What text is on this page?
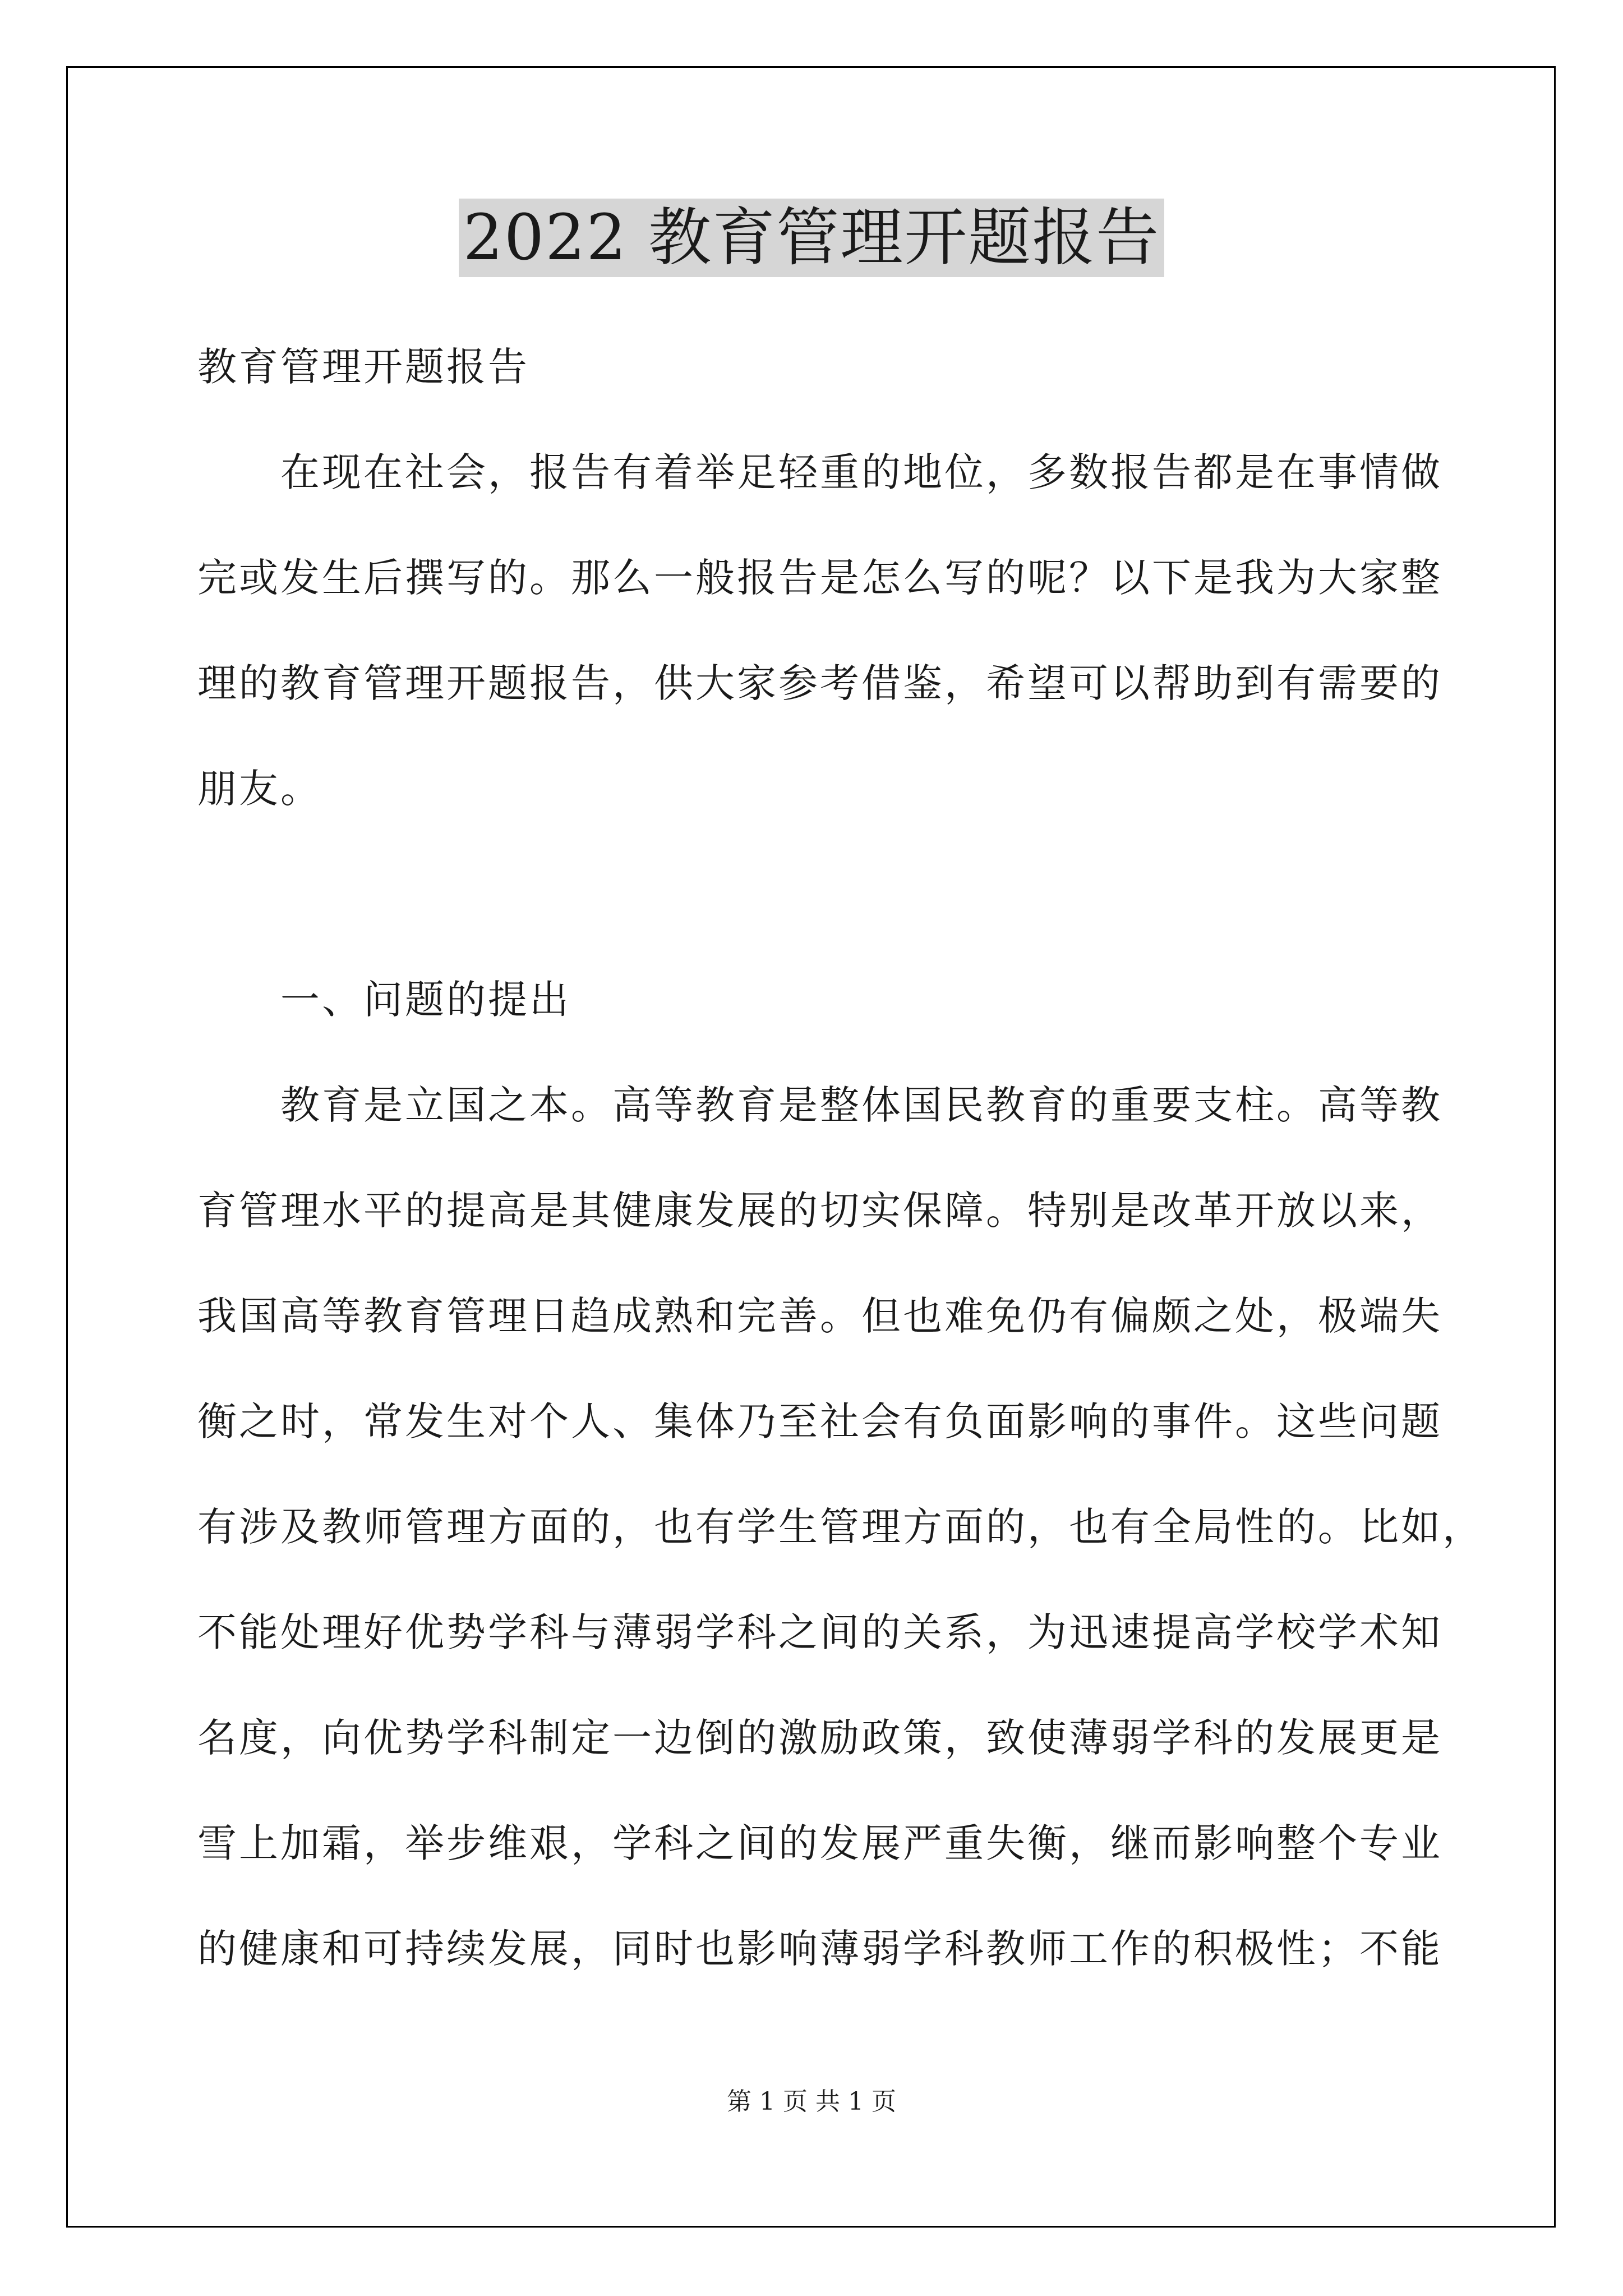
2022 教育管理开题报告
教育管理开题报告
在现在社会，报告有着举足轻重的地位，多数报告都是在事情做
完或发生后撰写的。那么一般报告是怎么写的呢？以下是我为大家整
理的教育管理开题报告，供大家参考借鉴，希望可以帮助到有需要的
朋友。
一、问题的提出
教育是立国之本。高等教育是整体国民教育的重要支柱。高等教
育管理水平的提高是其健康发展的切实保障。特别是改革开放以来，
我国高等教育管理日趋成熟和完善。但也难免仍有偏颇之处，极端失
衡之时，常发生对个人、集体乃至社会有负面影响的事件。这些问题
有涉及教师管理方面的，也有学生管理方面的，也有全局性的。比如，
不能处理好优势学科与薄弱学科之间的关系，为迅速提高学校学术知
名度，向优势学科制定一边倒的激励政策，致使薄弱学科的发展更是
雪上加霜，举步维艰，学科之间的发展严重失衡，继而影响整个专业
的健康和可持续发展，同时也影响薄弱学科教师工作的积极性；不能
第 1 页 共 1 页
